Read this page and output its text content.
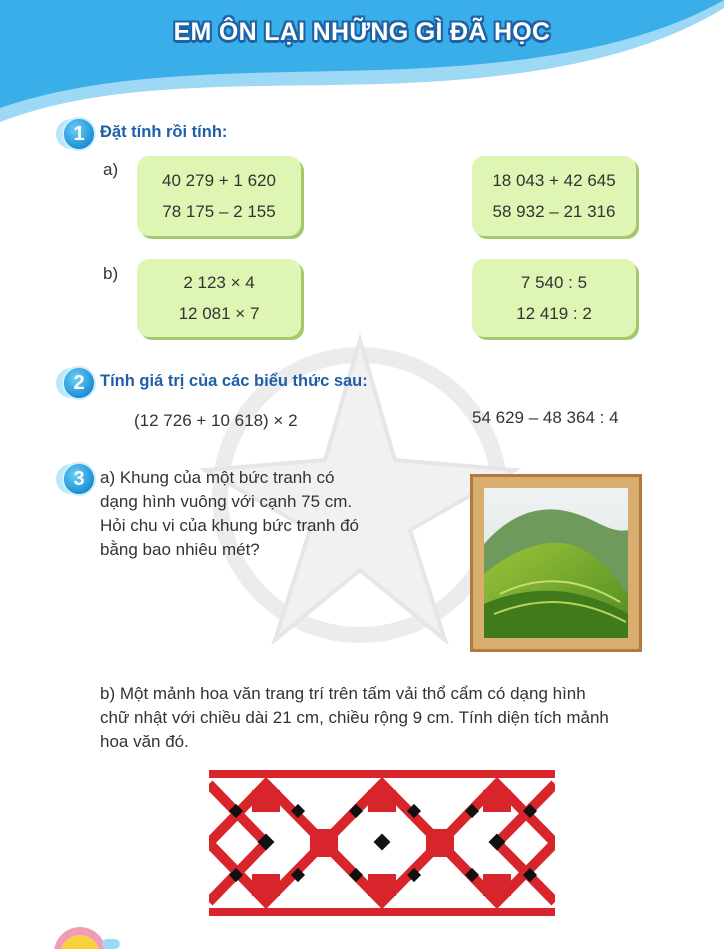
EM ÔN LẠI NHỮNG GÌ ĐÃ HỌC
1 Đặt tính rồi tính:
a)
40 279 + 1 620
78 175 – 2 155
18 043 + 42 645
58 932 – 21 316
b)	2 123 × 4
12 081 × 7
7 540 : 5
12 419 : 2
2 Tính giá trị của các biểu thức sau:
(12 726 + 10 618) × 2	54 629 – 48 364 : 4
3 a) Khung của một bức tranh có
dạng hình vuông với cạnh 75 cm.
Hỏi chu vi của khung bức tranh đó
bằng bao nhiêu mét?
b) Một mảnh hoa văn trang trí trên tấm vải thổ cẩm có dạng hình
chữ nhật với chiều dài 21 cm, chiều rộng 9 cm. Tính diện tích mảnh
hoa văn đó.
